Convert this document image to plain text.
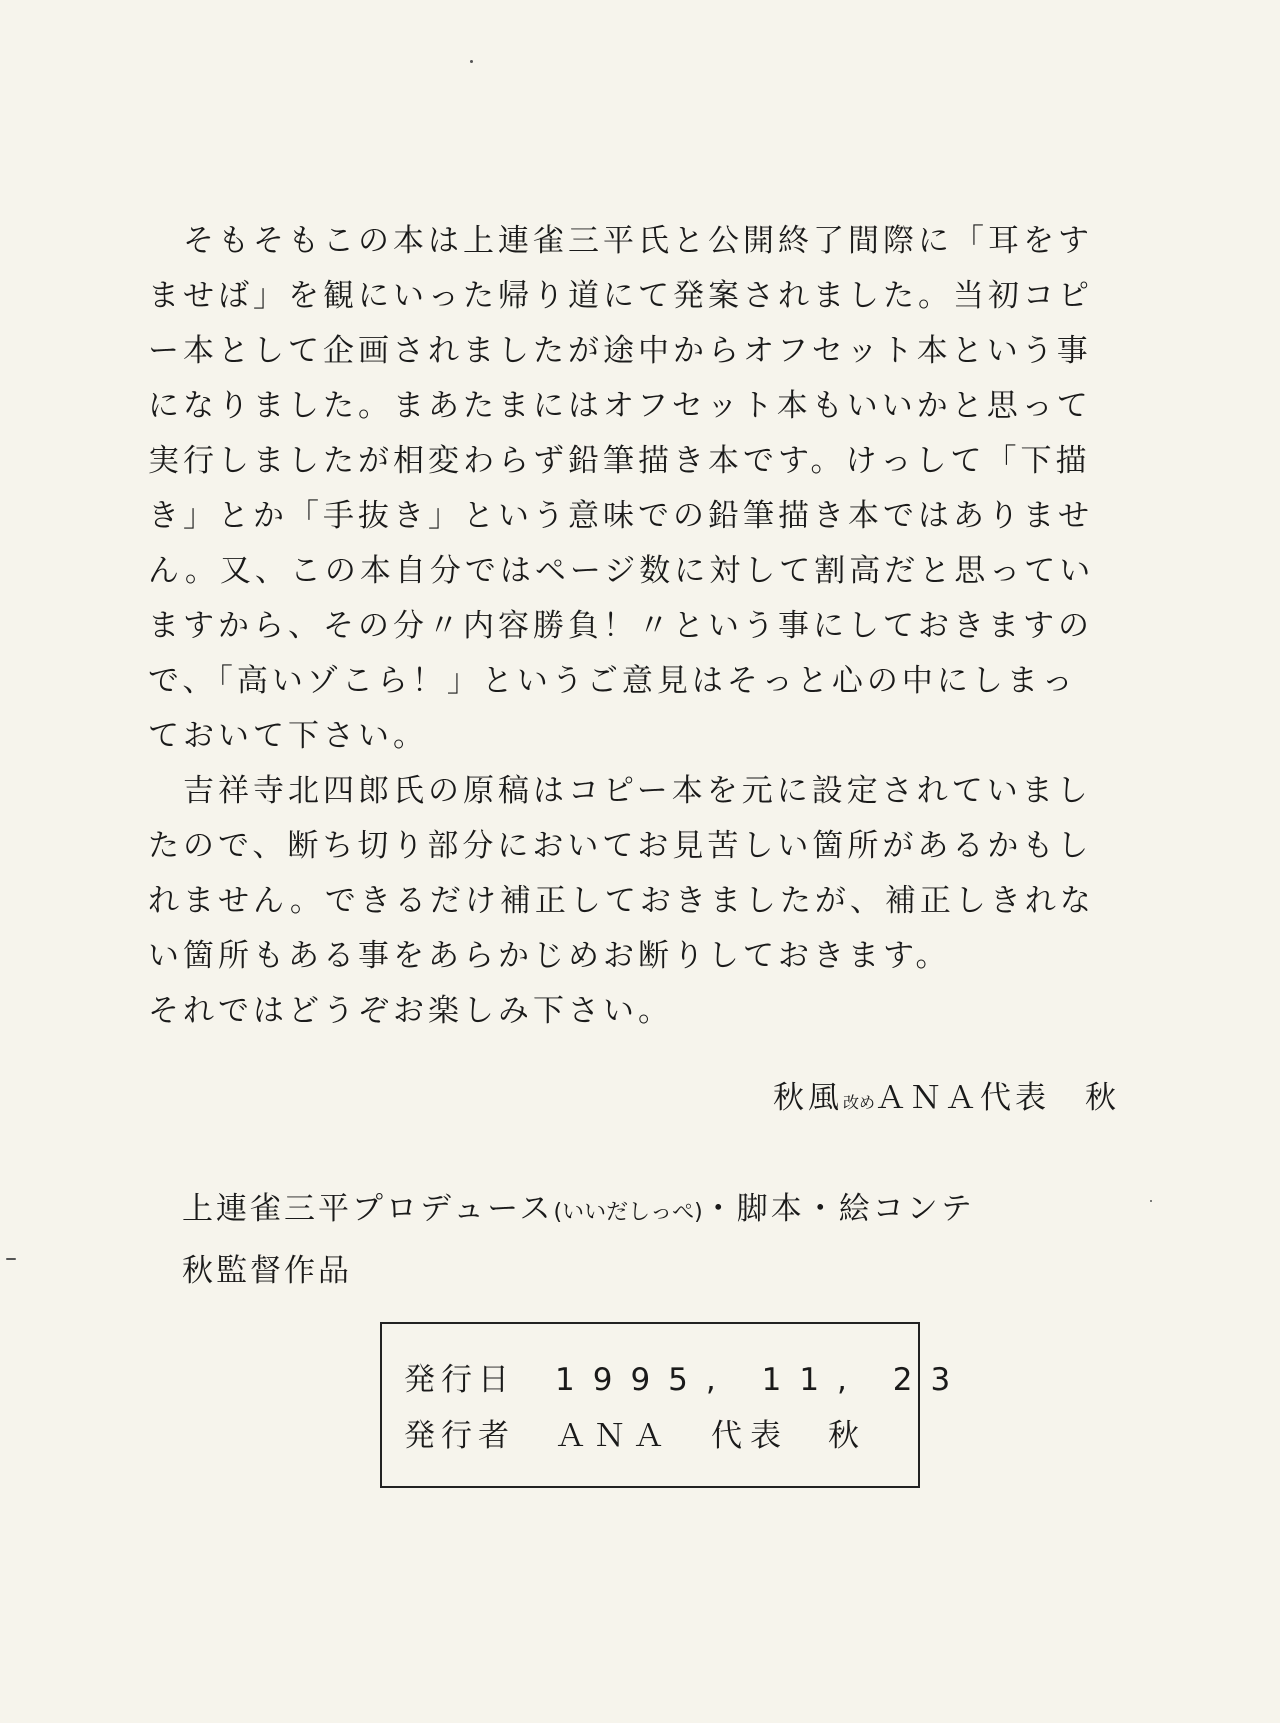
　そもそもこの本は上連雀三平氏と公開終了間際に「耳をす
ませば」を観にいった帰り道にて発案されました。当初コピ
ー本として企画されましたが途中からオフセット本という事
になりました。まあたまにはオフセット本もいいかと思って
実行しましたが相変わらず鉛筆描き本です。けっして「下描
き」とか「手抜き」という意味での鉛筆描き本ではありませ
ん。又、この本自分ではページ数に対して割高だと思ってい
ますから、その分〃内容勝負！〃という事にしておきますの
で、「高いゾこら！」というご意見はそっと心の中にしまっ
ておいて下さい。
　吉祥寺北四郎氏の原稿はコピー本を元に設定されていまし
たので、断ち切り部分においてお見苦しい箇所があるかもし
れません。できるだけ補正しておきましたが、補正しきれな
い箇所もある事をあらかじめお断りしておきます。
それではどうぞお楽しみ下さい。
秋風改めＡＮＡ代表　秋
上連雀三平プロデュース(いいだしっぺ)・脚本・絵コンテ
秋監督作品
発行日 1995, 11, 23
発行者 ＡＮＡ　代表　秋
